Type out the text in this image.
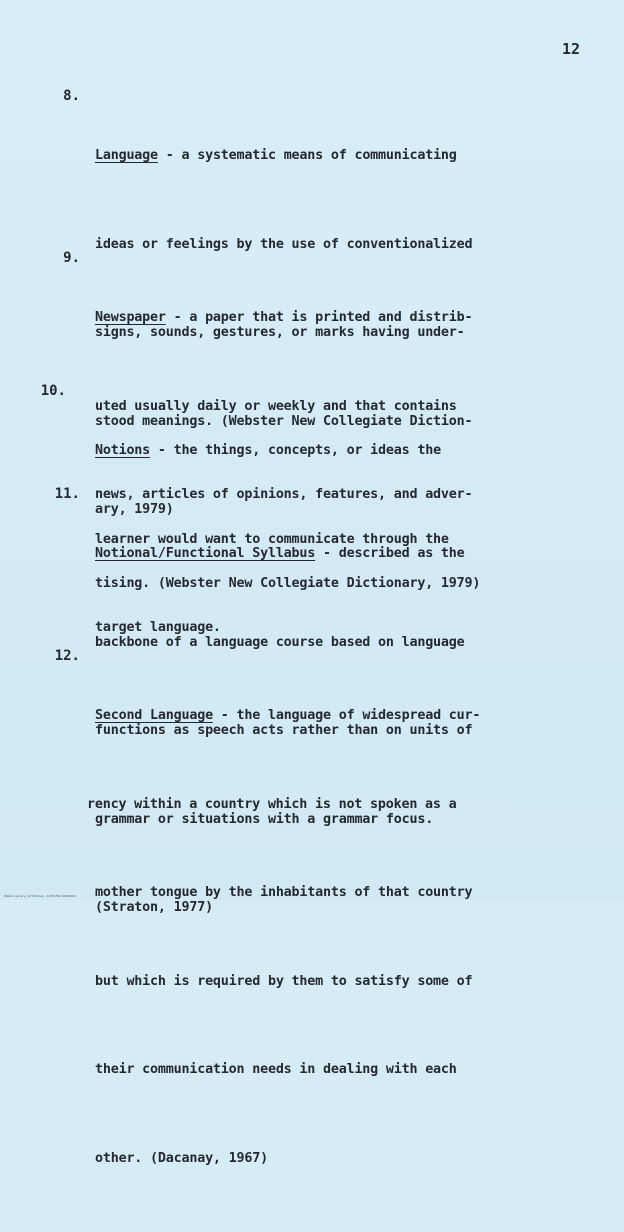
12
8.

Language - a systematic means of communicating

ideas or feelings by the use of conventionalized

signs, sounds, gestures, or marks having under-

stood meanings. (Webster New Collegiate Diction-

ary, 1979)

9.

Newspaper - a paper that is printed and distrib-

uted usually daily or weekly and that contains

news, articles of opinions, features, and adver-

tising. (Webster New Collegiate Dictionary, 1979)

10.

Notions - the things, concepts, or ideas the

learner would want to communicate through the

target language.

11.

Notional/Functional Syllabus - described as the

backbone of a language course based on language

functions as speech acts rather than on units of

grammar or situations with a grammar focus.

(Straton, 1977)

12.

Second Language - the language of widespread cur-

rency within a country which is not spoken as a

mother tongue by the inhabitants of that country

but which is required by them to satisfy some of

their communication needs in dealing with each

other. (Dacanay, 1967)

Mabini Library, UP Diliman - 1979 ERC 0000000
